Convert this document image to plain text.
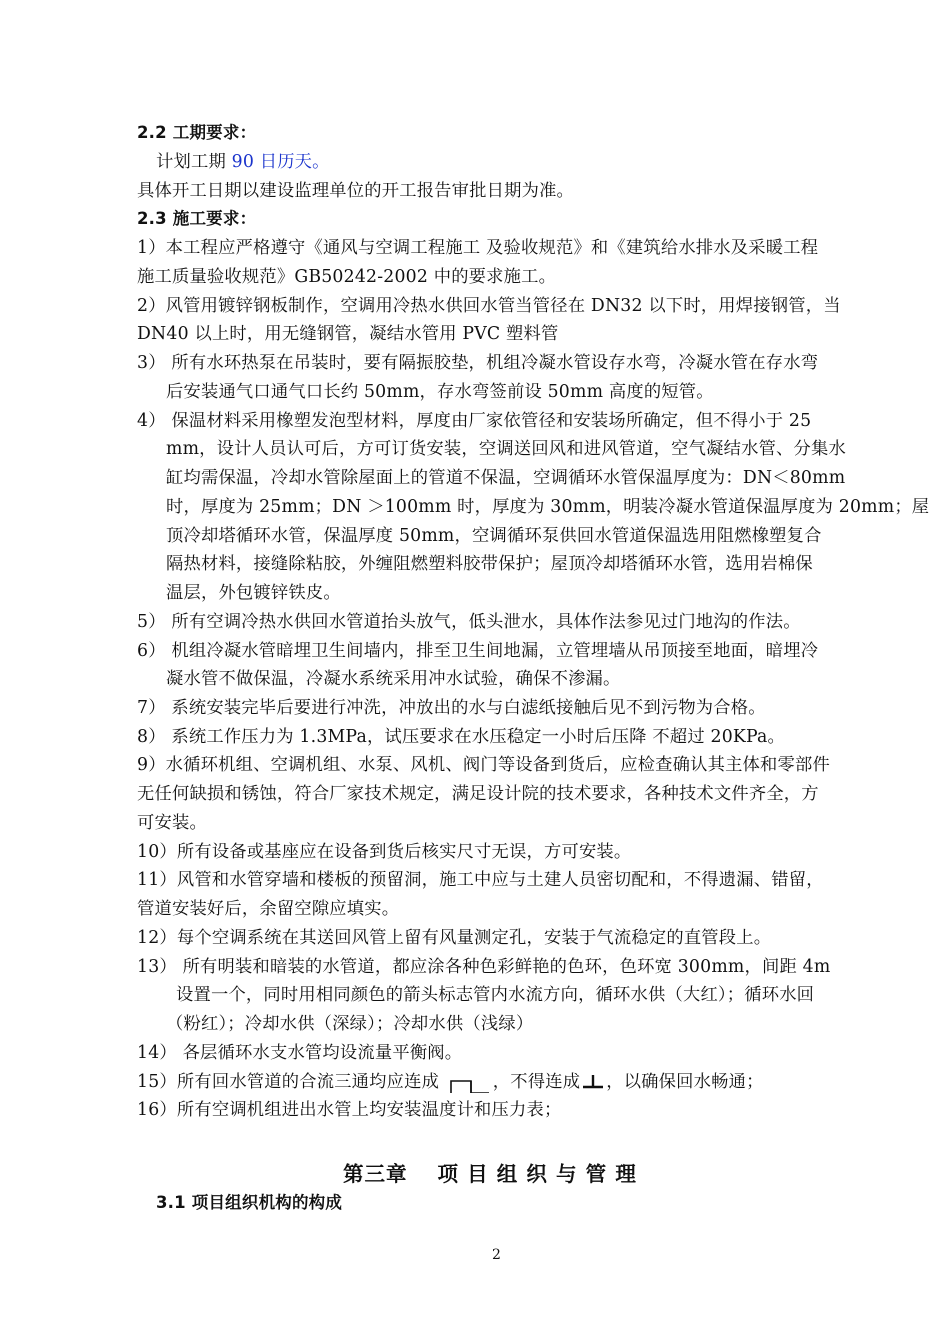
2.2 工期要求：
计划工期 90 日历天。
具体开工日期以建设监理单位的开工报告审批日期为准。
2.3 施工要求：
1）本工程应严格遵守《通风与空调工程施工 及验收规范》和《建筑给水排水及采暖工程
施工质量验收规范》GB50242-2002 中的要求施工。
2）风管用镀锌钢板制作，空调用冷热水供回水管当管径在 DN32 以下时，用焊接钢管，当
DN40 以上时，用无缝钢管，凝结水管用 PVC 塑料管
3） 所有水环热泵在吊装时，要有隔振胶垫，机组冷凝水管设存水弯，冷凝水管在存水弯
后安装通气口通气口长约 50mm，存水弯签前设 50mm 高度的短管。
4） 保温材料采用橡塑发泡型材料，厚度由厂家依管径和安装场所确定，但不得小于 25
mm，设计人员认可后，方可订货安装，空调送回风和进风管道，空气凝结水管、分集水
缸均需保温，冷却水管除屋面上的管道不保温，空调循环水管保温厚度为：DN＜80mm
时，厚度为 25mm；DN ＞100mm 时，厚度为 30mm，明装冷凝水管道保温厚度为 20mm；屋
顶冷却塔循环水管，保温厚度 50mm，空调循环泵供回水管道保温选用阻燃橡塑复合
隔热材料，接缝除粘胶，外缠阻燃塑料胶带保护；屋顶冷却塔循环水管，选用岩棉保
温层，外包镀锌铁皮。
5） 所有空调冷热水供回水管道抬头放气，低头泄水，具体作法参见过门地沟的作法。
6） 机组冷凝水管暗埋卫生间墙内，排至卫生间地漏，立管埋墙从吊顶接至地面，暗埋冷
凝水管不做保温，冷凝水系统采用冲水试验，确保不渗漏。
7） 系统安装完毕后要进行冲洗，冲放出的水与白滤纸接触后见不到污物为合格。
8） 系统工作压力为 1.3MPa，试压要求在水压稳定一小时后压降 不超过 20KPa。
9）水循环机组、空调机组、水泵、风机、阀门等设备到货后，应检查确认其主体和零部件
无任何缺损和锈蚀，符合厂家技术规定，满足设计院的技术要求，各种技术文件齐全，方
可安装。
10）所有设备或基座应在设备到货后核实尺寸无误，方可安装。
11）风管和水管穿墙和楼板的预留洞，施工中应与土建人员密切配和，不得遗漏、错留，
管道安装好后，余留空隙应填实。
12）每个空调系统在其送回风管上留有风量测定孔，安装于气流稳定的直管段上。
13） 所有明装和暗装的水管道，都应涂各种色彩鲜艳的色环，色环宽 300mm，间距 4m
设置一个，同时用相同颜色的箭头标志管内水流方向，循环水供（大红）；循环水回
（粉红）；冷却水供（深绿）；冷却水供（浅绿）
14） 各层循环水支水管均设流量平衡阀。
15）所有回水管道的合流三通均应连成	，不得连成 ，以确保回水畅通；
16）所有空调机组进出水管上均安装温度计和压力表；
第三章 项 目 组 织 与 管 理
3.1 项目组织机构的构成
2
